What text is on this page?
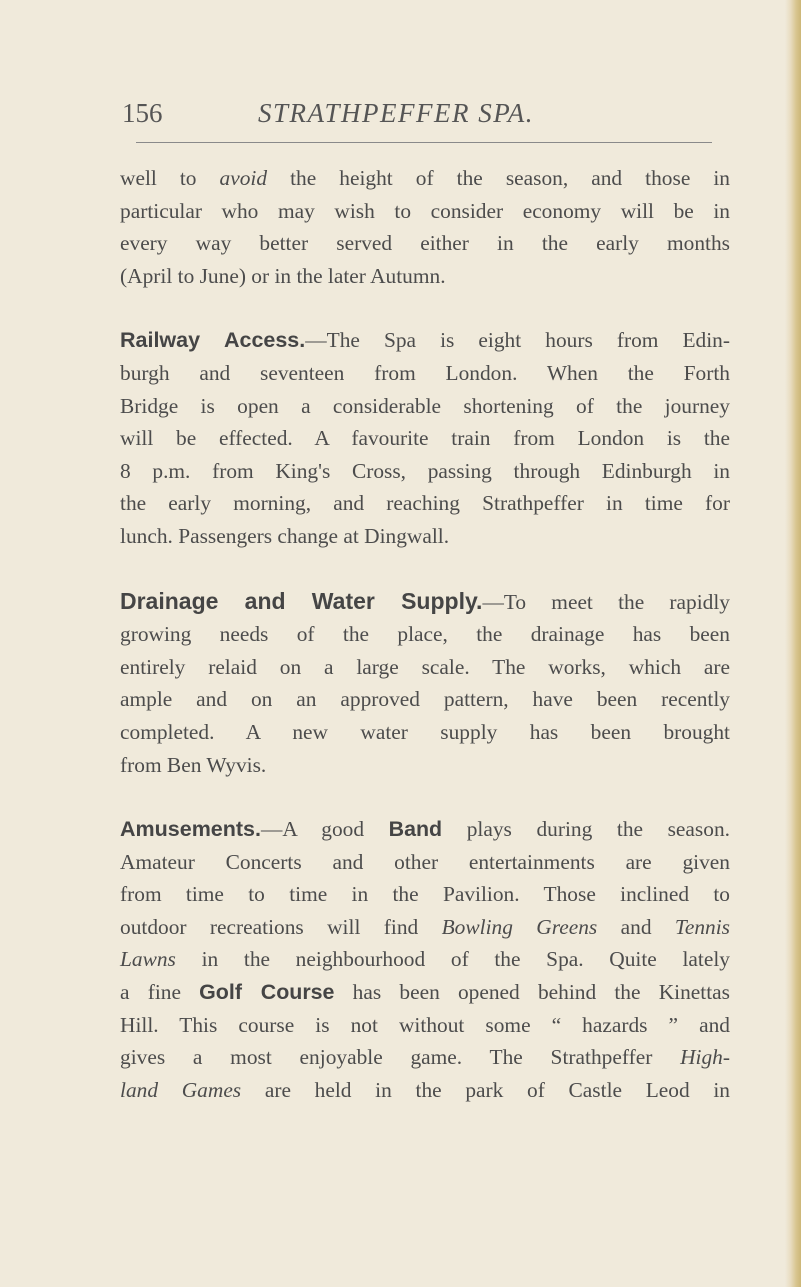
156	STRATHPEFFER SPA.

well to avoid the height of the season, and those in
particular who may wish to consider economy will be in
every way better served either in the early months
(April to June) or in the later Autumn.

Railway Access.—The Spa is eight hours from Edin-
burgh and seventeen from London. When the Forth
Bridge is open a considerable shortening of the journey
will be effected. A favourite train from London is the
8 p.m. from King's Cross, passing through Edinburgh in
the early morning, and reaching Strathpeffer in time for
lunch. Passengers change at Dingwall.

Drainage and Water Supply.—To meet the rapidly
growing needs of the place, the drainage has been
entirely relaid on a large scale. The works, which are
ample and on an approved pattern, have been recently
completed. A new water supply has been brought
from Ben Wyvis.

Amusements.—A good Band plays during the season.
Amateur Concerts and other entertainments are given
from time to time in the Pavilion. Those inclined to
outdoor recreations will find Bowling Greens and Tennis
Lawns in the neighbourhood of the Spa. Quite lately
a fine Golf Course has been opened behind the Kinettas
Hill. This course is not without some “ hazards ” and
gives a most enjoyable game. The Strathpeffer High-
land Games are held in the park of Castle Leod in
